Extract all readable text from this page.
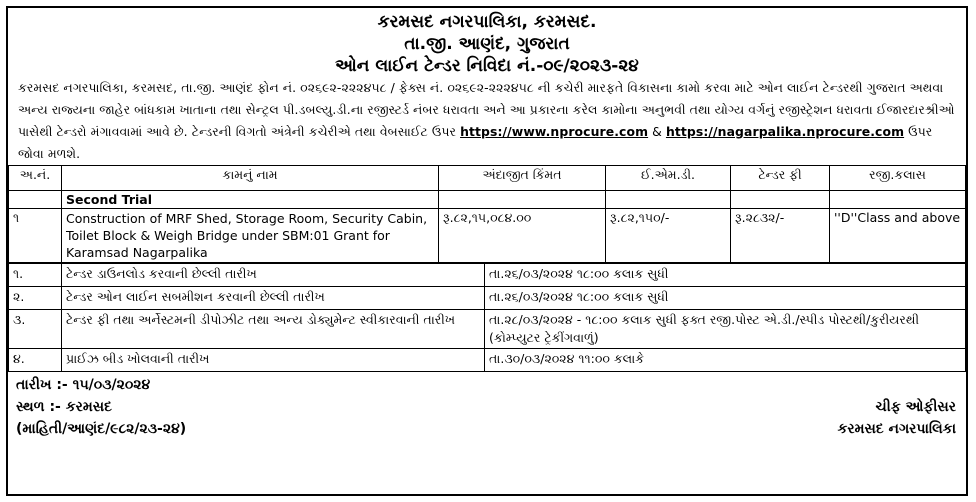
કરમસદ નગરપાલિકા, કરમસદ.
તા.જી. આણંદ, ગુજરાત
ઓન લાઈન ટેન્ડર નિવિદા નં.-૦૯/૨૦૨૩-૨૪
કરમસદ નગરપાલિકા, કરમસદ, તા.જી. આણંદ ફોન નં. ૦૨૬૯૨-૨૨૨૪૫૮ / ફેક્સ નં. ૦૨૬૯૨-૨૨૨૪૫૮ ની કચેરી મારફતે વિકાસના કામો કરવા માટે ઓન લાઈન ટેન્ડરથી ગુજરાત અથવા અન્ય રાજ્યના જાહેર બાંધકામ ખાતાના તથા સેન્ટ્રલ પી.ડબલ્યુ.ડી.ના રજીસ્ટર્ડ નંબર ધરાવતા અને આ પ્રકારના કરેલ કામોના અનુભવી તથા યોગ્ય વર્ગનું રજીસ્ટ્રેશન ધરાવતા ઈજારદારશ્રીઓ પાસેથી ટેન્ડરો મંગાવવામાં આવે છે. ટેન્ડરની વિગતો અંત્રેની કચેરીએ તથા વેબસાઈટ ઉપર https://www.nprocure.com & https://nagarpalika.nprocure.com ઉપર જોવા મળશે.
અ.નં.	કામનું નામ	અંદાજીત કિંમત	ઈ.એમ.ડી.	ટેન્ડર ફી	રજી.કલાસ
	Second Trial				
૧	Construction of MRF Shed, Storage Room, Security Cabin, Toilet Block & Weigh Bridge under SBM:01 Grant for Karamsad Nagarpalika	રૂ.૮૨,૧૫,૦૮૪.૦૦	રૂ.૮૨,૧૫૦/-	રૂ.૨૮૩૨/-	''D''Class and above
૧.	ટેન્ડર ડાઉનલોડ કરવાની છેલ્લી તારીખ	તા.૨૬/૦૩/૨૦૨૪ ૧૮:૦૦ કલાક સુધી
૨.	ટેન્ડર ઓન લાઈન સબમીશન કરવાની છેલ્લી તારીખ	તા.૨૬/૦૩/૨૦૨૪ ૧૮:૦૦ કલાક સુધી
૩.	ટેન્ડર ફી તથા અર્નેસ્ટમની ડીપોઝીટ તથા અન્ય ડોક્યુમેન્ટ સ્વીકારવાની તારીખ	તા.૨૮/૦૩/૨૦૨૪ - ૧૮:૦૦ કલાક સુધી ફક્ત રજી.પોસ્ટ એ.ડી./સ્પીડ પોસ્ટથી/કુરીયરથી (કોમ્પ્યુટર ટ્રેકીંગવાળું)
૪.	પ્રાઈઝ બીડ ખોલવાની તારીખ	તા.૩૦/૦૩/૨૦૨૪ ૧૧:૦૦ કલાકે
તારીખ :- ૧૫/૦૩/૨૦૨૪
સ્થળ :- કરમસદ
(માહિતી/આણંદ/૯૮૨/૨૩-૨૪)
ચીફ ઓફીસર
કરમસદ નગરપાલિકા
